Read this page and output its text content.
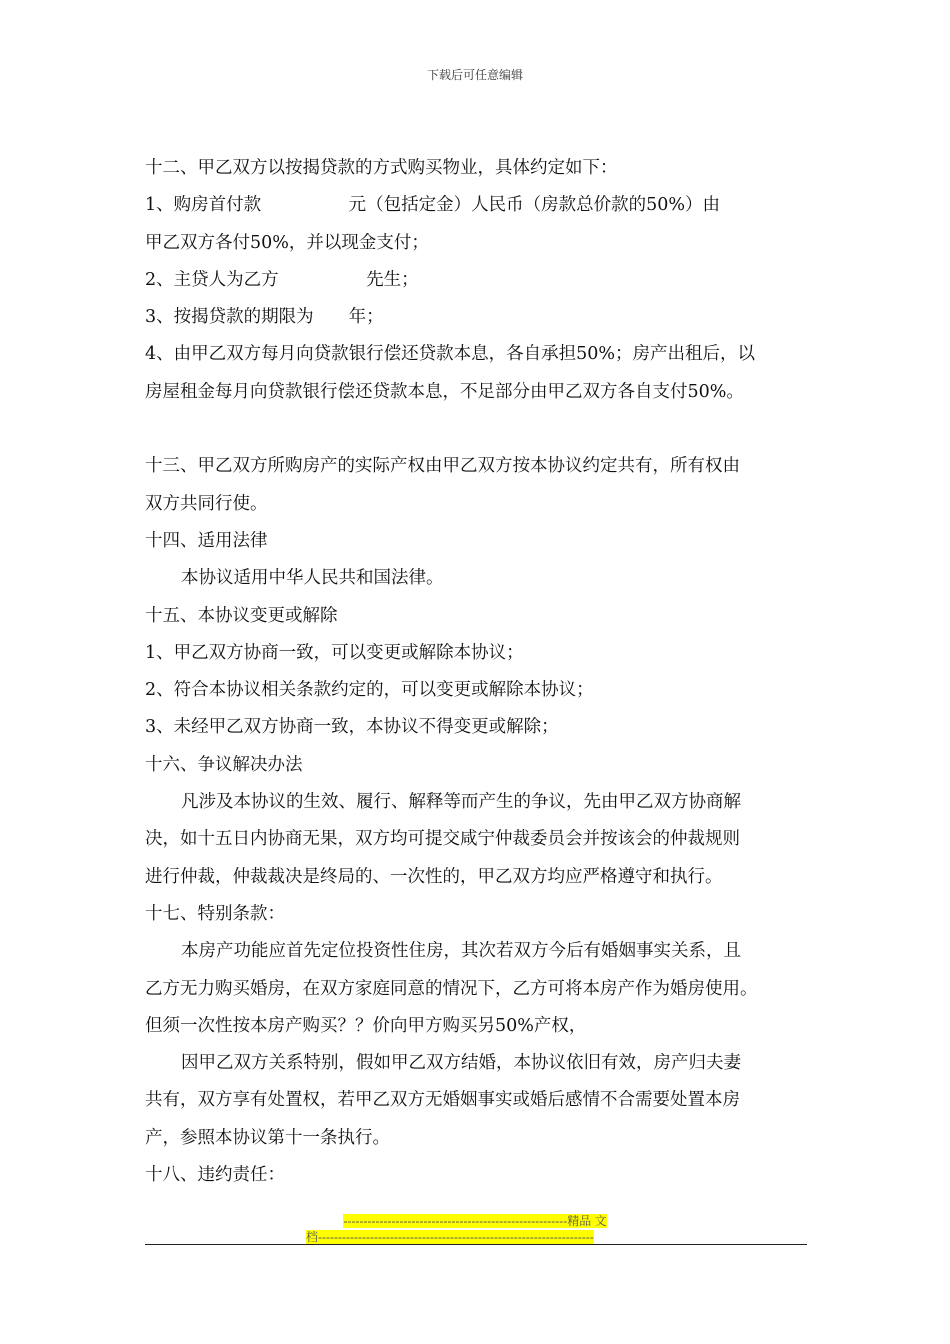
下载后可任意编辑
十二、甲乙双方以按揭贷款的方式购买物业，具体约定如下：
1、购房首付款　　　　　元（包括定金）人民币（房款总价款的50%）由
甲乙双方各付50%，并以现金支付；
2、主贷人为乙方　　　　　先生；
3、按揭贷款的期限为　　年；
4、由甲乙双方每月向贷款银行偿还贷款本息，各自承担50%；房产出租后，以
房屋租金每月向贷款银行偿还贷款本息，不足部分由甲乙双方各自支付50%。
十三、甲乙双方所购房产的实际产权由甲乙双方按本协议约定共有，所有权由
双方共同行使。
十四、适用法律
本协议适用中华人民共和国法律。
十五、本协议变更或解除
1、甲乙双方协商一致，可以变更或解除本协议；
2、符合本协议相关条款约定的，可以变更或解除本协议；
3、未经甲乙双方协商一致，本协议不得变更或解除；
十六、争议解决办法
凡涉及本协议的生效、履行、解释等而产生的争议，先由甲乙双方协商解
决，如十五日内协商无果，双方均可提交咸宁仲裁委员会并按该会的仲裁规则
进行仲裁，仲裁裁决是终局的、一次性的，甲乙双方均应严格遵守和执行。
十七、特别条款：
本房产功能应首先定位投资性住房，其次若双方今后有婚姻事实关系，且
乙方无力购买婚房，在双方家庭同意的情况下，乙方可将本房产作为婚房使用。
但须一次性按本房产购买？？价向甲方购买另50%产权，
因甲乙双方关系特别，假如甲乙双方结婚，本协议依旧有效，房产归夫妻
共有，双方享有处置权，若甲乙双方无婚姻事实或婚后感情不合需要处置本房
产，参照本协议第十一条执行。
十八、违约责任：
--------------------------------------------------------精品 文
档---------------------------------------------------------------------
